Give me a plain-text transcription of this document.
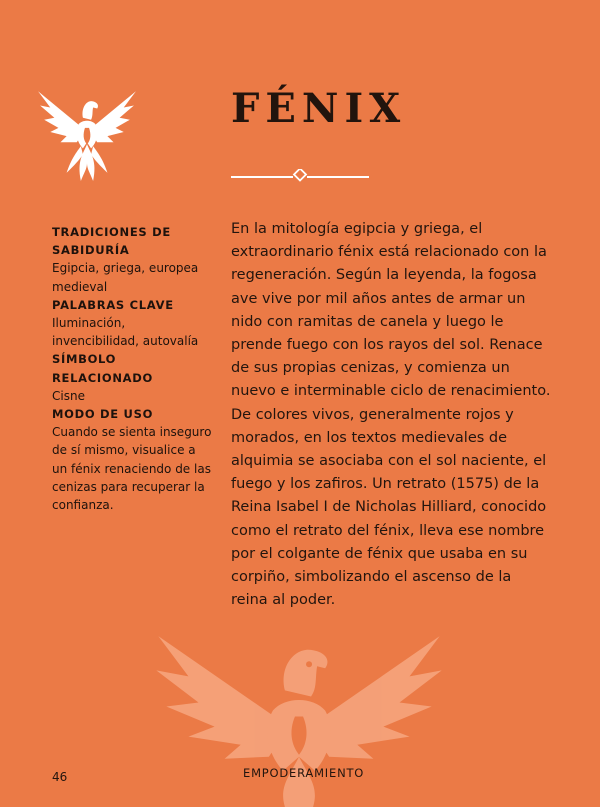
FÉNIX
TRADICIONES DE SABIDURÍA
Egipcia, griega, europea medieval
PALABRAS CLAVE
Iluminación, invencibilidad, autovalía
SÍMBOLO RELACIONADO
Cisne
MODO DE USO
Cuando se sienta inseguro de sí mismo, visualice a un fénix renaciendo de las cenizas para recuperar la confianza.

En la mitología egipcia y griega, el extraordinario fénix está relacionado con la regeneración. Según la leyenda, la fogosa ave vive por mil años antes de armar un nido con ramitas de canela y luego le prende fuego con los rayos del sol. Renace de sus propias cenizas, y comienza un nuevo e interminable ciclo de renacimiento. De colores vivos, generalmente rojos y morados, en los textos medievales de alquimia se asociaba con el sol naciente, el fuego y los zafiros. Un retrato (1575) de la Reina Isabel I de Nicholas Hilliard, conocido como el retrato del fénix, lleva ese nombre por el colgante de fénix que usaba en su corpiño, simbolizando el ascenso de la reina al poder.

46	EMPODERAMIENTO
